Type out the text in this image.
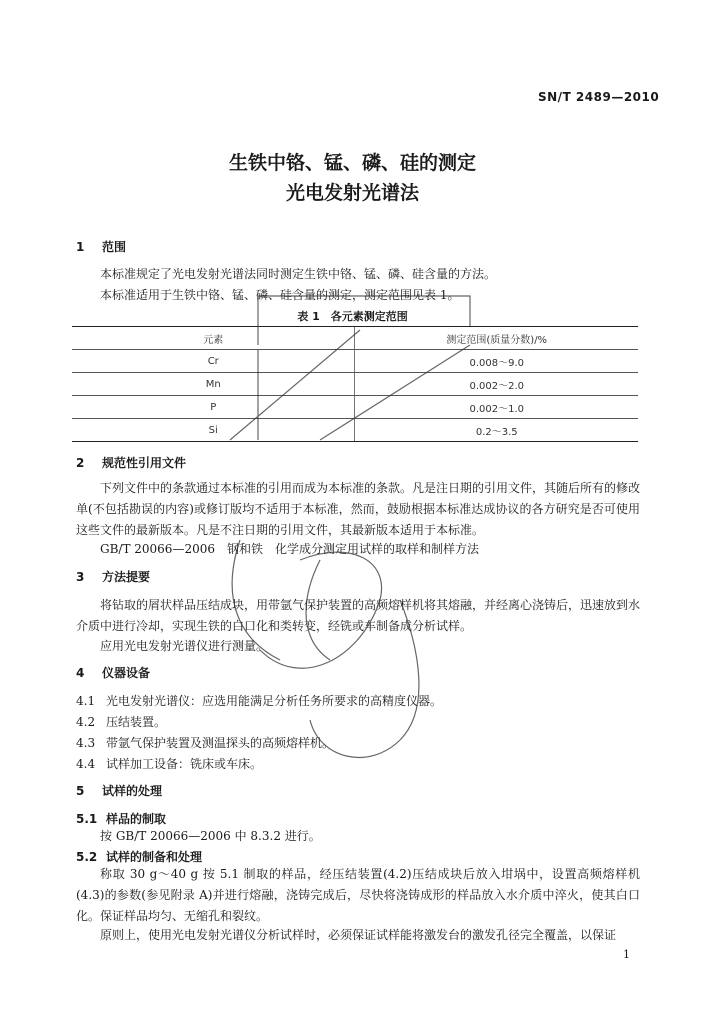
SN/T 2489—2010
生铁中铬、锰、磷、硅的测定
光电发射光谱法
1 范围
本标准规定了光电发射光谱法同时测定生铁中铬、锰、磷、硅含量的方法。
本标准适用于生铁中铬、锰、磷、硅含量的测定，测定范围见表 1。
表 1　各元素测定范围
元素	测定范围(质量分数)/%
Cr	0.008～9.0
Mn	0.002～2.0
P	0.002～1.0
Si	0.2～3.5
2 规范性引用文件
下列文件中的条款通过本标准的引用而成为本标准的条款。凡是注日期的引用文件，其随后所有的修改单(不包括勘误的内容)或修订版均不适用于本标准，然而，鼓励根据本标准达成协议的各方研究是否可使用这些文件的最新版本。凡是不注日期的引用文件，其最新版本适用于本标准。
GB/T 20066—2006　钢和铁　化学成分测定用试样的取样和制样方法
3 方法提要
将钻取的屑状样品压结成块，用带氩气保护装置的高频熔样机将其熔融，并经离心浇铸后，迅速放到水介质中进行冷却，实现生铁的白口化和类转变，经铣或车制备成分析试样。
应用光电发射光谱仪进行测量。
4 仪器设备
4.1 光电发射光谱仪：应选用能满足分析任务所要求的高精度仪器。
4.2 压结装置。
4.3 带氩气保护装置及测温探头的高频熔样机。
4.4 试样加工设备：铣床或车床。
5 试样的处理
5.1 样品的制取
按 GB/T 20066—2006 中 8.3.2 进行。
5.2 试样的制备和处理
称取 30 g～40 g 按 5.1 制取的样品，经压结装置(4.2)压结成块后放入坩埚中，设置高频熔样机(4.3)的参数(参见附录 A)并进行熔融，浇铸完成后，尽快将浇铸成形的样品放入水介质中淬火，使其白口化。保证样品均匀、无缩孔和裂纹。
原则上，使用光电发射光谱仪分析试样时，必须保证试样能将激发台的激发孔径完全覆盖，以保证
1
